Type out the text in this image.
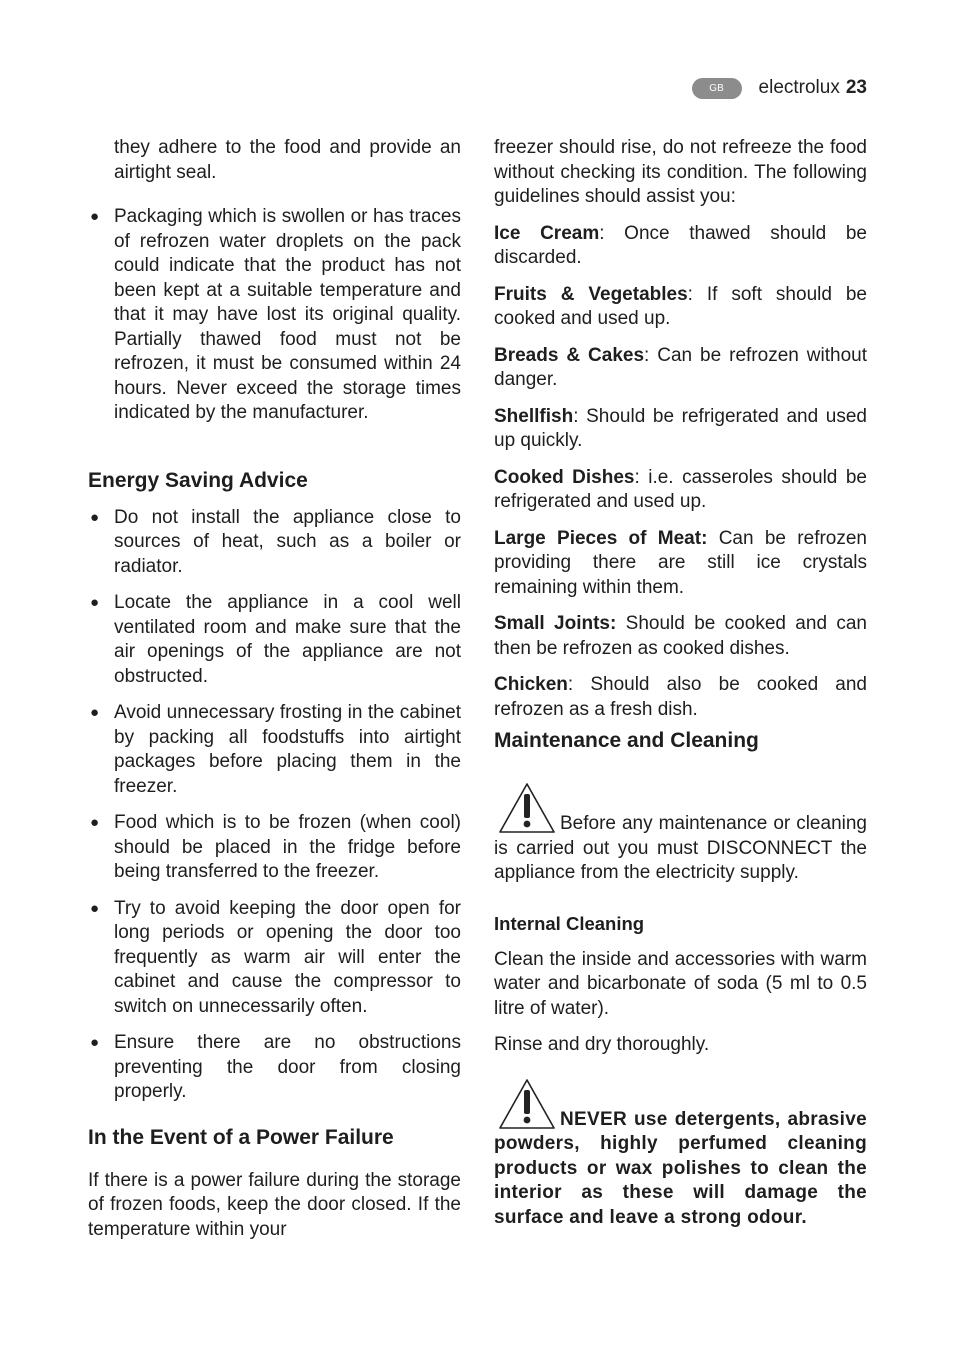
GB	electrolux 23

they adhere to the food and provide an airtight seal.

● Packaging which is swollen or has traces of refrozen water droplets on the pack could indicate that the product has not been kept at a suitable temperature and that it may have lost its original quality. Partially thawed food must not be refrozen, it must be consumed within 24 hours. Never exceed the storage times indicated by the manufacturer.
Energy Saving Advice
● Do not install the appliance close to sources of heat, such as a boiler or radiator.
● Locate the appliance in a cool well ventilated room and make sure that the air openings of the appliance are not obstructed.
● Avoid unnecessary frosting in the cabinet by packing all foodstuffs into airtight packages before placing them in the freezer.
● Food which is to be frozen (when cool) should be placed in the fridge before being transferred to the freezer.
● Try to avoid keeping the door open for long periods or opening the door too frequently as warm air will enter the cabinet and cause the compressor to switch on unnecessarily often.
● Ensure there are no obstructions preventing the door from closing properly.
In the Event of a Power Failure

If there is a power failure during the storage of frozen foods, keep the door closed. If the temperature within your

freezer should rise, do not refreeze the food without checking its condition. The following guidelines should assist you:

Ice Cream: Once thawed should be discarded.

Fruits & Vegetables: If soft should be cooked and used up.

Breads & Cakes: Can be refrozen without danger.

Shellfish: Should be refrigerated and used up quickly.

Cooked Dishes: i.e. casseroles should be refrigerated and used up.

Large Pieces of Meat: Can be refrozen providing there are still ice crystals remaining within them.

Small Joints: Should be cooked and can then be refrozen as cooked dishes.

Chicken: Should also be cooked and refrozen as a fresh dish.

Maintenance and Cleaning
Before any maintenance or cleaning is carried out you must DISCONNECT the appliance from the electricity supply.
Internal Cleaning

Clean the inside and accessories with warm water and bicarbonate of soda (5 ml to 0.5 litre of water).

Rinse and dry thoroughly.

NEVER use detergents, abrasive powders, highly perfumed cleaning products or wax polishes to clean the interior as these will damage the surface and leave a strong odour.
